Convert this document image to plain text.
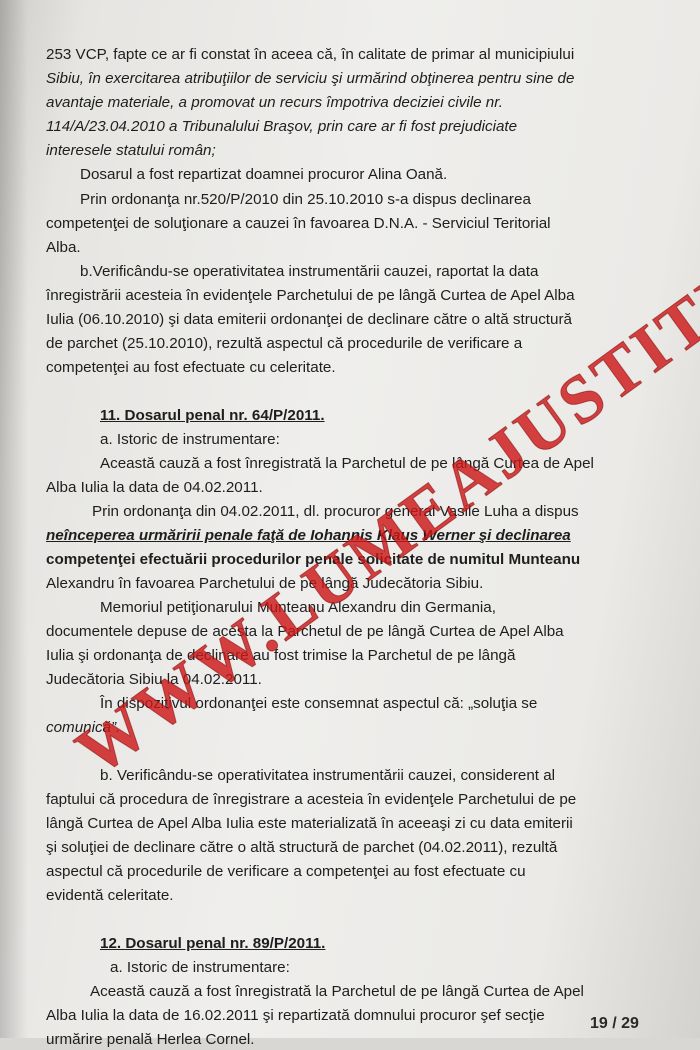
253 VCP, fapte ce ar fi constat în aceea că, în calitate de primar al municipiului
Sibiu, în exercitarea atribuţiilor de serviciu şi urmărind obţinerea pentru sine de
avantaje materiale, a promovat un recurs împotriva deciziei civile nr.
114/A/23.04.2010 a Tribunalului Braşov, prin care ar fi fost prejudiciate
interesele statului român;
Dosarul a fost repartizat doamnei procuror Alina Oană.
Prin ordonanţa nr.520/P/2010 din 25.10.2010 s-a dispus declinarea
competenţei de soluţionare a cauzei în favoarea D.N.A. - Serviciul Teritorial
Alba.
b.Verificându-se operativitatea instrumentării cauzei, raportat la data
înregistrării acesteia în evidenţele Parchetului de pe lângă Curtea de Apel Alba
Iulia (06.10.2010) şi data emiterii ordonanţei de declinare către o altă structură
de parchet (25.10.2010), rezultă aspectul că procedurile de verificare a
competenţei au fost efectuate cu celeritate.
11. Dosarul penal nr. 64/P/2011.
a. Istoric de instrumentare:
Această cauză a fost înregistrată la Parchetul de pe lângă Curtea de Apel
Alba Iulia la data de 04.02.2011.
Prin ordonanţa din 04.02.2011, dl. procuror general Vasile Luha a dispus
neînceperea urmăririi penale faţă de Iohannis Klaus Werner şi declinarea
competenţei efectuării procedurilor penale solicitate de numitul Munteanu
Alexandru în favoarea Parchetului de pe lângă Judecătoria Sibiu.
Memoriul petiţionarului Munteanu Alexandru din Germania,
documentele depuse de acesta la Parchetul de pe lângă Curtea de Apel Alba
Iulia şi ordonanţa de declinare au fost trimise la Parchetul de pe lângă
Judecătoria Sibiu la 04.02.2011.
În dispozitivul ordonanţei este consemnat aspectul că: „soluţia se
comunică”.
b. Verificându-se operativitatea instrumentării cauzei, considerent al
faptului că procedura de înregistrare a acesteia în evidenţele Parchetului de pe
lângă Curtea de Apel Alba Iulia este materializată în aceeaşi zi cu data emiterii
şi soluţiei de declinare către o altă structură de parchet (04.02.2011), rezultă
aspectul că procedurile de verificare a competenţei au fost efectuate cu
evidentă celeritate.
12. Dosarul penal nr. 89/P/2011.
a. Istoric de instrumentare:
Această cauză a fost înregistrată la Parchetul de pe lângă Curtea de Apel
Alba Iulia la data de 16.02.2011 şi repartizată domnului procuror şef secţie
urmărire penală Herlea Cornel.
19 / 29
